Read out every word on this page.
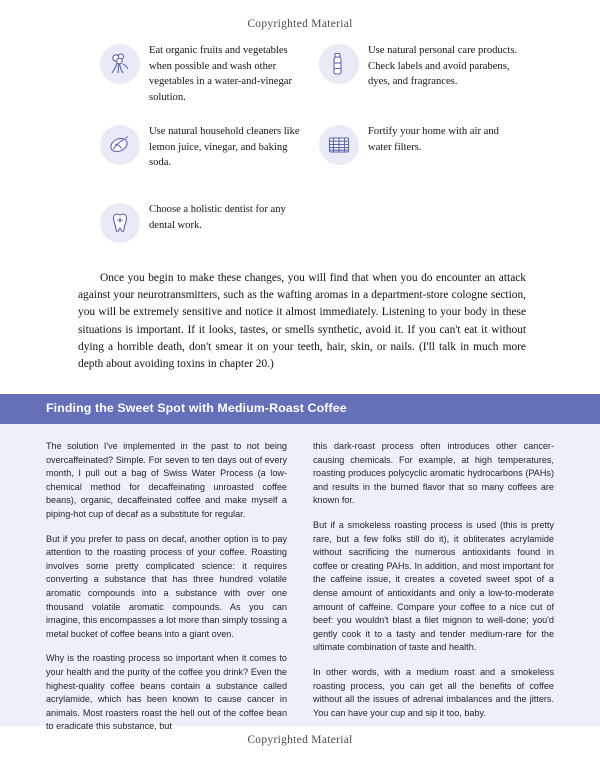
Copyrighted Material
Eat organic fruits and vegetables when possible and wash other vegetables in a water-and-vinegar solution.
Use natural personal care products. Check labels and avoid parabens, dyes, and fragrances.
Use natural household cleaners like lemon juice, vinegar, and baking soda.
Fortify your home with air and water filters.
Choose a holistic dentist for any dental work.
Once you begin to make these changes, you will find that when you do encounter an attack against your neurotransmitters, such as the wafting aromas in a department-store cologne section, you will be extremely sensitive and notice it almost immediately. Listening to your body in these situations is important. If it looks, tastes, or smells synthetic, avoid it. If you can't eat it without dying a horrible death, don't smear it on your teeth, hair, skin, or nails. (I'll talk in much more depth about avoiding toxins in chapter 20.)
Finding the Sweet Spot with Medium-Roast Coffee

The solution I've implemented in the past to not being overcaffeinated? Simple. For seven to ten days out of every month, I pull out a bag of Swiss Water Process (a low-chemical method for decaffeinating unroasted coffee beans), organic, decaffeinated coffee and make myself a piping-hot cup of decaf as a substitute for regular.

But if you prefer to pass on decaf, another option is to pay attention to the roasting process of your coffee. Roasting involves some pretty complicated science: it requires converting a substance that has three hundred volatile aromatic compounds into a substance with over one thousand volatile aromatic compounds. As you can imagine, this encompasses a lot more than simply tossing a metal bucket of coffee beans into a giant oven.

Why is the roasting process so important when it comes to your health and the purity of the coffee you drink? Even the highest-quality coffee beans contain a substance called acrylamide, which has been known to cause cancer in animals. Most roasters roast the hell out of the coffee bean to eradicate this substance, but

this dark-roast process often introduces other cancer-causing chemicals. For example, at high temperatures, roasting produces polycyclic aromatic hydrocarbons (PAHs) and results in the burned flavor that so many coffees are known for.

But if a smokeless roasting process is used (this is pretty rare, but a few folks still do it), it obliterates acrylamide without sacrificing the numerous antioxidants found in coffee or creating PAHs. In addition, and most important for the caffeine issue, it creates a coveted sweet spot of a dense amount of antioxidants and only a low-to-moderate amount of caffeine. Compare your coffee to a nice cut of beef: you wouldn't blast a filet mignon to well-done; you'd gently cook it to a tasty and tender medium-rare for the ultimate combination of taste and health.

In other words, with a medium roast and a smokeless roasting process, you can get all the benefits of coffee without all the issues of adrenal imbalances and the jitters. You can have your cup and sip it too, baby.

Copyrighted Material
